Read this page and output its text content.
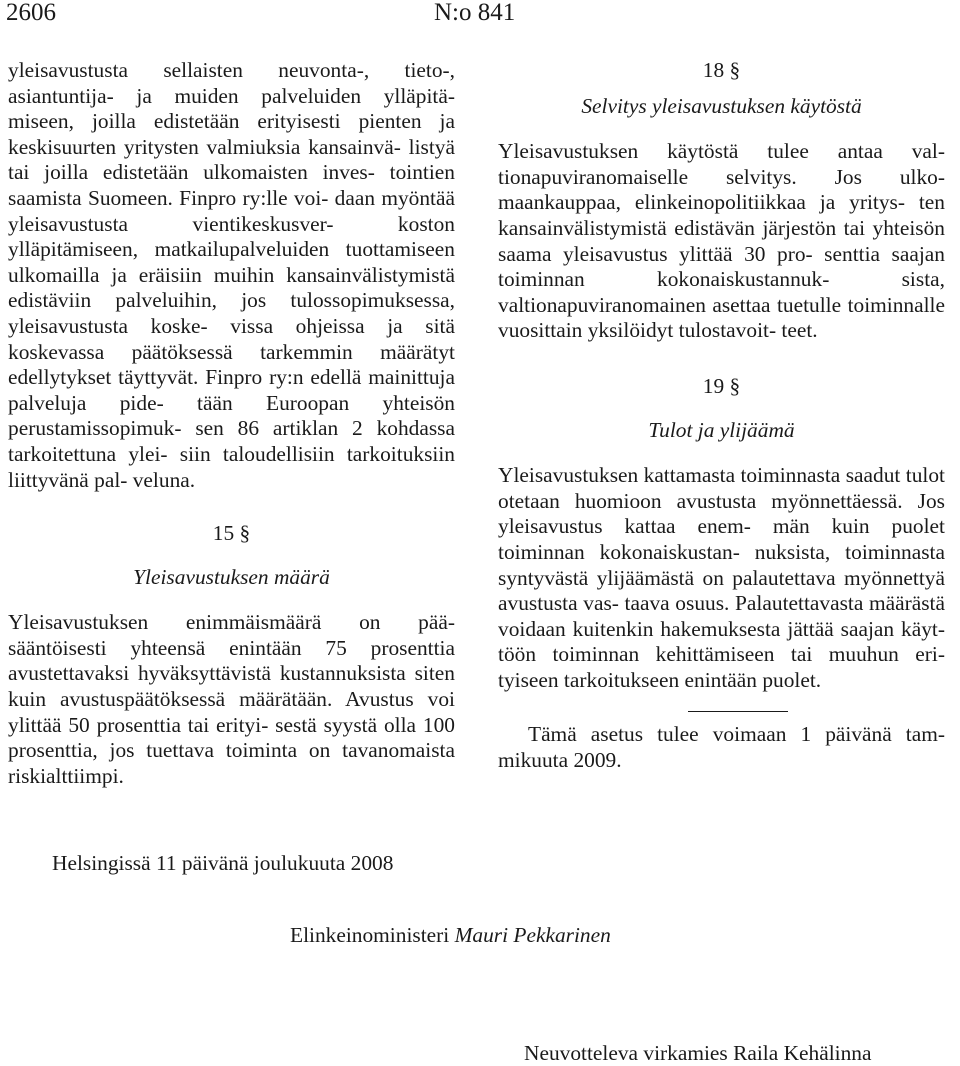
2606	N:o 841

yleisavustusta sellaisten neuvonta-, tieto-, asiantuntija- ja muiden palveluiden ylläpitä- miseen, joilla edistetään erityisesti pienten ja keskisuurten yritysten valmiuksia kansainvä- listyä tai joilla edistetään ulkomaisten inves- tointien saamista Suomeen. Finpro ry:lle voi- daan myöntää yleisavustusta vientikeskusver- koston ylläpitämiseen, matkailupalveluiden tuottamiseen ulkomailla ja eräisiin muihin kansainvälistymistä edistäviin palveluihin, jos tulossopimuksessa, yleisavustusta koske- vissa ohjeissa ja sitä koskevassa päätöksessä tarkemmin määrätyt edellytykset täyttyvät. Finpro ry:n edellä mainittuja palveluja pide- tään Euroopan yhteisön perustamissopimuk- sen 86 artiklan 2 kohdassa tarkoitettuna ylei- siin taloudellisiin tarkoituksiin liittyvänä pal- veluna.

15 §

Yleisavustuksen määrä

Yleisavustuksen enimmäismäärä on pää- sääntöisesti yhteensä enintään 75 prosenttia avustettavaksi hyväksyttävistä kustannuksista siten kuin avustuspäätöksessä määrätään. Avustus voi ylittää 50 prosenttia tai erityi- sestä syystä olla 100 prosenttia, jos tuettava toiminta on tavanomaista riskialttiimpi.

18 §

Selvitys yleisavustuksen käytöstä

Yleisavustuksen käytöstä tulee antaa val- tionapuviranomaiselle selvitys. Jos ulko- maankauppaa, elinkeinopolitiikkaa ja yritys- ten kansainvälistymistä edistävän järjestön tai yhteisön saama yleisavustus ylittää 30 pro- senttia saajan toiminnan kokonaiskustannuk- sista, valtionapuviranomainen asettaa tuetulle toiminnalle vuosittain yksilöidyt tulostavoit- teet.

19 §

Tulot ja ylijäämä

Yleisavustuksen kattamasta toiminnasta saadut tulot otetaan huomioon avustusta myönnettäessä. Jos yleisavustus kattaa enem- män kuin puolet toiminnan kokonaiskustan- nuksista, toiminnasta syntyvästä ylijäämästä on palautettava myönnettyä avustusta vas- taava osuus. Palautettavasta määrästä voidaan kuitenkin hakemuksesta jättää saajan käyt- töön toiminnan kehittämiseen tai muuhun eri- tyiseen tarkoitukseen enintään puolet.

Tämä asetus tulee voimaan 1 päivänä tam- mikuuta 2009.

Helsingissä 11 päivänä joulukuuta 2008
Elinkeinoministeri Mauri Pekkarinen
Neuvotteleva virkamies Raila Kehälinna
